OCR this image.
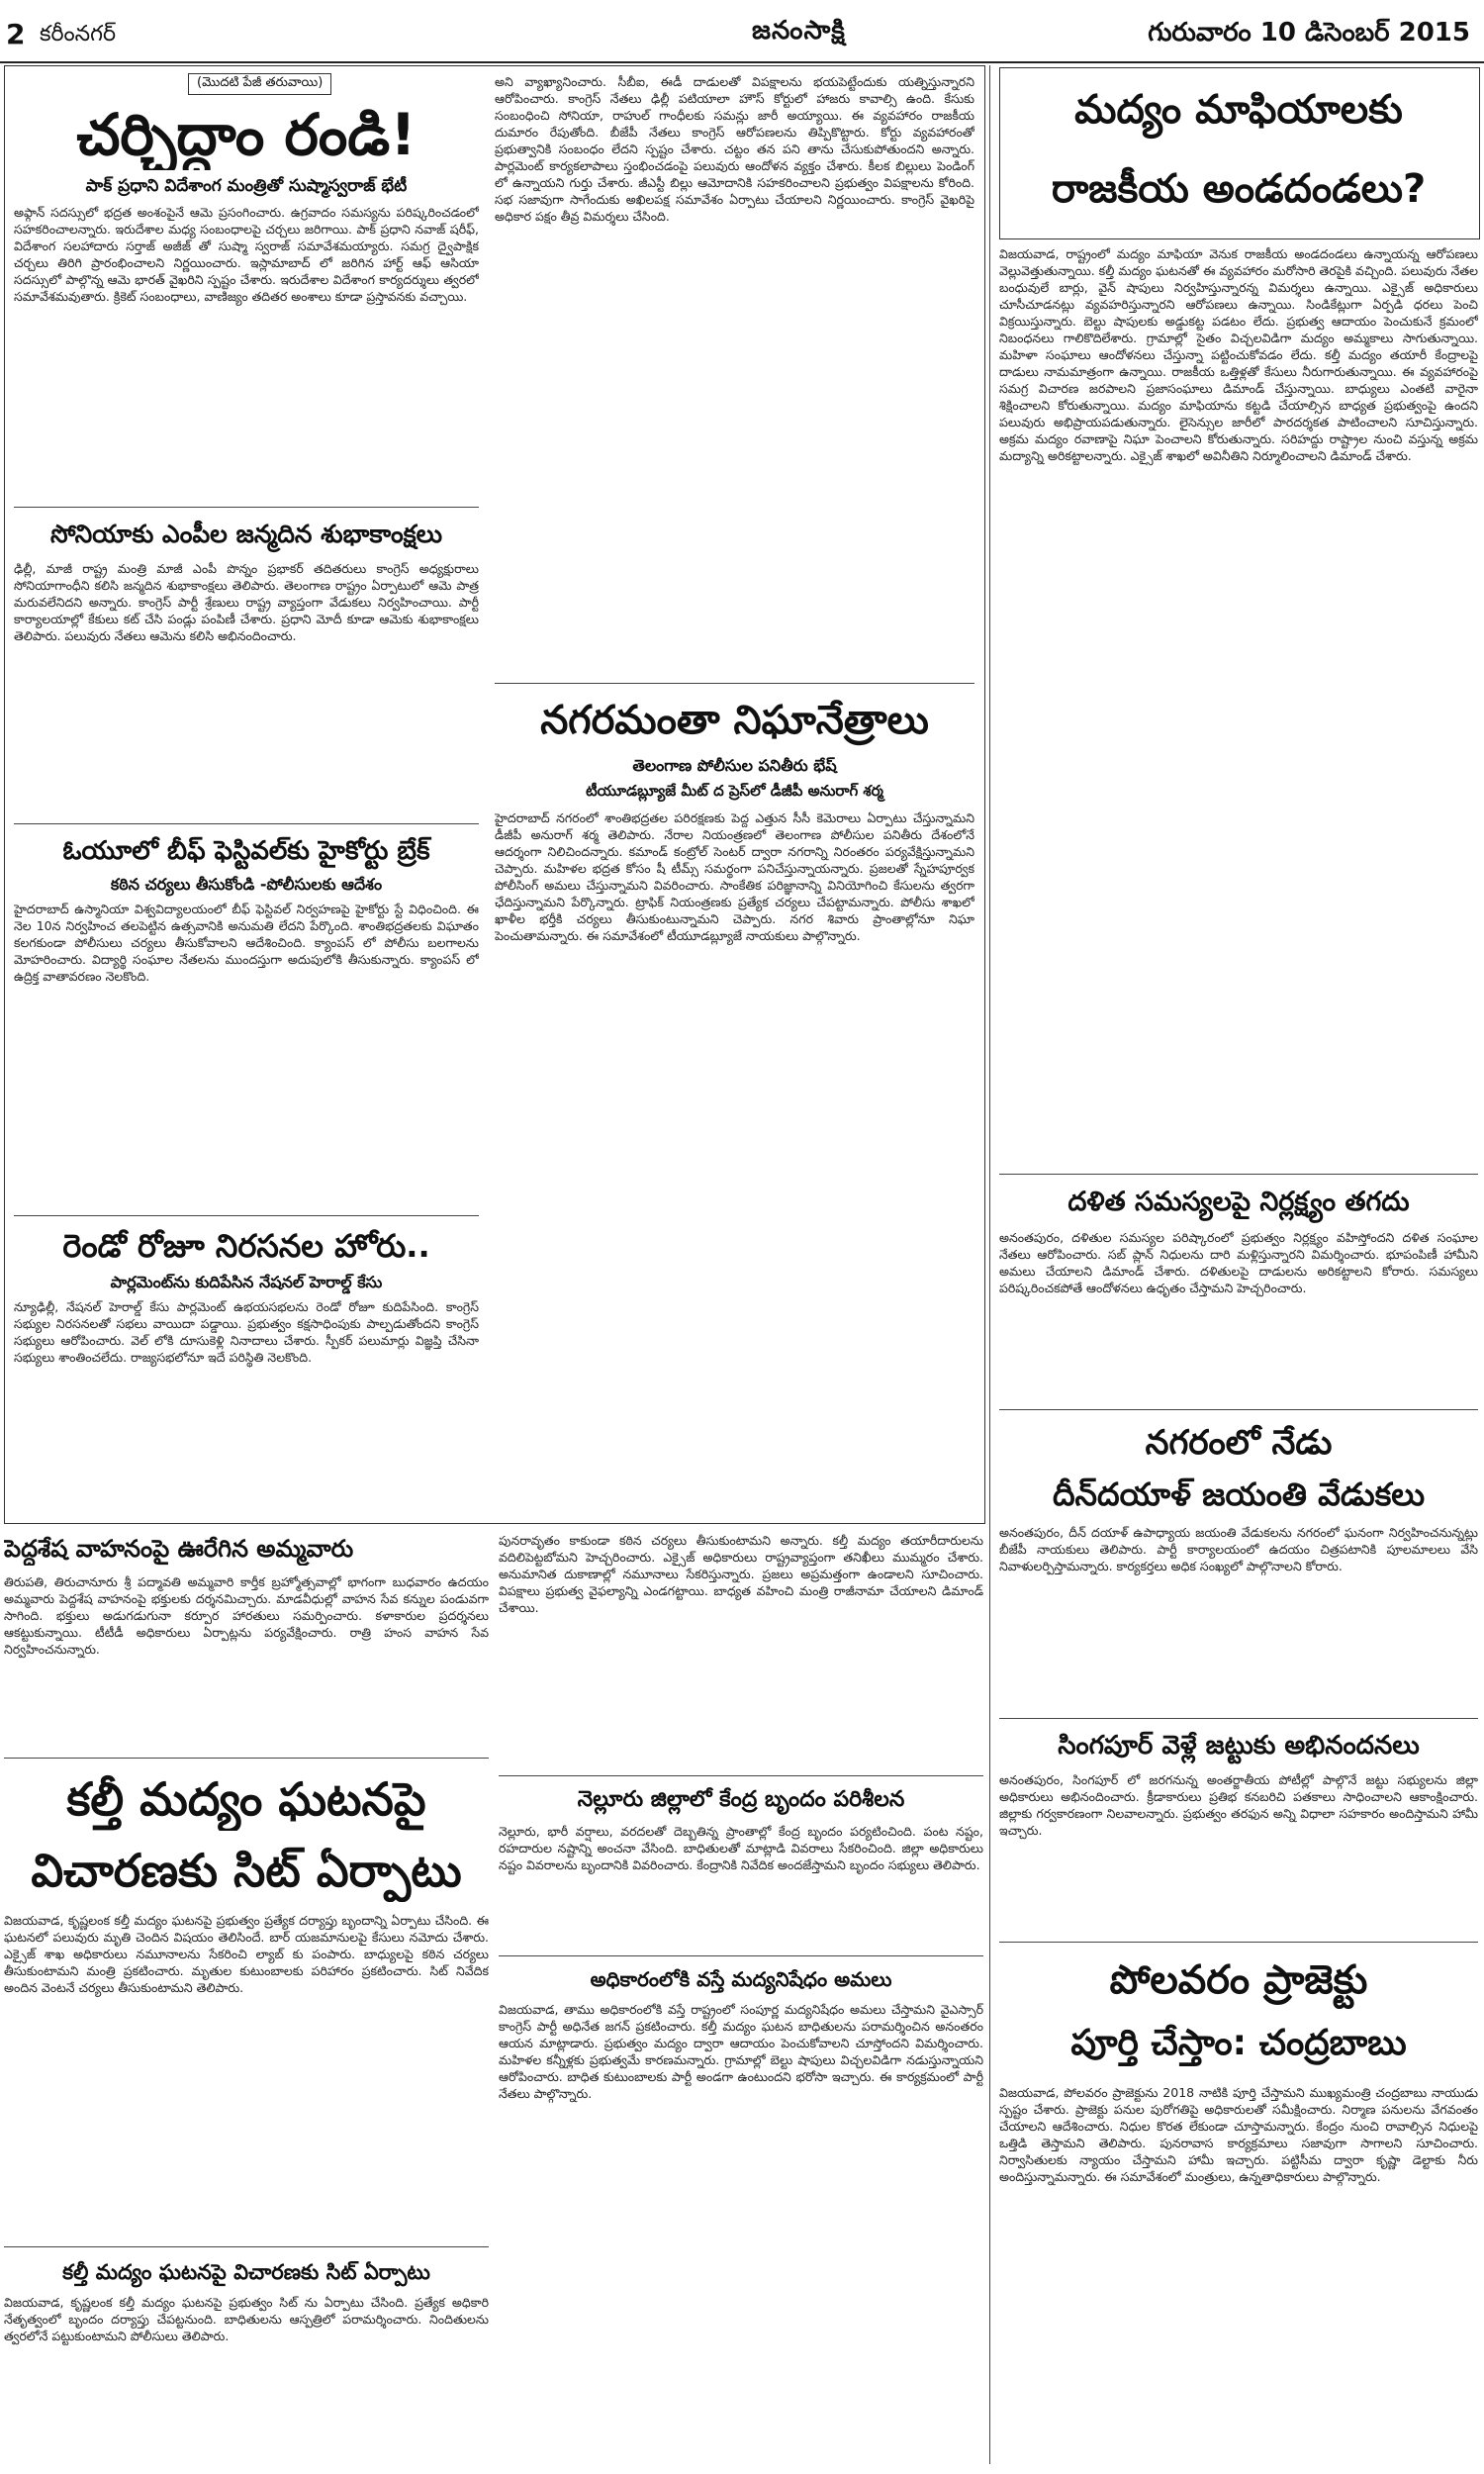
2 కరీంనగర్	జనంసాక్షి	గురువారం 10 డిసెంబర్ 2015
(మొదటి పేజీ తరువాయి)
చర్చిద్దాం రండి!
పాక్ ప్రధాని విదేశాంగ మంత్రితో సుష్మాస్వరాజ్ భేటీ
అఫ్గాన్ సదస్సులో భద్రత అంశంపైనే ఆమె ప్రసంగించారు. ఉగ్రవాదం సమస్యను పరిష్కరించడంలో సహకరించాలన్నారు. ఇరుదేశాల మధ్య సంబంధాలపై చర్చలు జరిగాయి. పాక్ ప్రధాని నవాజ్ షరీఫ్, విదేశాంగ సలహాదారు సర్తాజ్ అజీజ్ తో సుష్మా స్వరాజ్ సమావేశమయ్యారు. సమగ్ర ద్వైపాక్షిక చర్చలు తిరిగి ప్రారంభించాలని నిర్ణయించారు. ఇస్లామాబాద్ లో జరిగిన హార్ట్ ఆఫ్ ఆసియా సదస్సులో పాల్గొన్న ఆమె భారత్ వైఖరిని స్పష్టం చేశారు. ఇరుదేశాల విదేశాంగ కార్యదర్శులు త్వరలో సమావేశమవుతారు. క్రికెట్ సంబంధాలు, వాణిజ్యం తదితర అంశాలు కూడా ప్రస్తావనకు వచ్చాయి.
సోనియాకు ఎంపీల జన్మదిన శుభాకాంక్షలు
ఢిల్లీ, మాజీ రాష్ట్ర మంత్రి మాజీ ఎంపీ పొన్నం ప్రభాకర్ తదితరులు కాంగ్రెస్ అధ్యక్షురాలు సోనియాగాంధీని కలిసి జన్మదిన శుభాకాంక్షలు తెలిపారు. తెలంగాణ రాష్ట్రం ఏర్పాటులో ఆమె పాత్ర మరువలేనిదని అన్నారు. కాంగ్రెస్ పార్టీ శ్రేణులు రాష్ట్ర వ్యాప్తంగా వేడుకలు నిర్వహించాయి. పార్టీ కార్యాలయాల్లో కేకులు కట్ చేసి పండ్లు పంపిణీ చేశారు. ప్రధాని మోదీ కూడా ఆమెకు శుభాకాంక్షలు తెలిపారు. పలువురు నేతలు ఆమెను కలిసి అభినందించారు.
ఓయూలో బీఫ్ ఫెస్టివల్‌కు హైకోర్టు బ్రేక్
కఠిన చర్యలు తీసుకోండి -పోలీసులకు ఆదేశం
హైదరాబాద్ ఉస్మానియా విశ్వవిద్యాలయంలో బీఫ్ ఫెస్టివల్ నిర్వహణపై హైకోర్టు స్టే విధించింది. ఈ నెల 10న నిర్వహించ తలపెట్టిన ఉత్సవానికి అనుమతి లేదని పేర్కొంది. శాంతిభద్రతలకు విఘాతం కలగకుండా పోలీసులు చర్యలు తీసుకోవాలని ఆదేశించింది. క్యాంపస్ లో పోలీసు బలగాలను మోహరించారు. విద్యార్థి సంఘాల నేతలను ముందస్తుగా అదుపులోకి తీసుకున్నారు. క్యాంపస్ లో ఉద్రిక్త వాతావరణం నెలకొంది.
రెండో రోజూ నిరసనల హోరు..
పార్లమెంట్‌ను కుదిపేసిన నేషనల్ హెరాల్డ్ కేసు
న్యూఢిల్లీ, నేషనల్ హెరాల్డ్ కేసు పార్లమెంట్ ఉభయసభలను రెండో రోజూ కుదిపేసింది. కాంగ్రెస్ సభ్యుల నిరసనలతో సభలు వాయిదా పడ్డాయి. ప్రభుత్వం కక్షసాధింపుకు పాల్పడుతోందని కాంగ్రెస్ సభ్యులు ఆరోపించారు. వెల్ లోకి దూసుకెళ్లి నినాదాలు చేశారు. స్పీకర్ పలుమార్లు విజ్ఞప్తి చేసినా సభ్యులు శాంతించలేదు. రాజ్యసభలోనూ ఇదే పరిస్థితి నెలకొంది.
అని వ్యాఖ్యానించారు. సీబీఐ, ఈడీ దాడులతో విపక్షాలను భయపెట్టేందుకు యత్నిస్తున్నారని ఆరోపించారు. కాంగ్రెస్ నేతలు ఢిల్లీ పటియాలా హౌస్ కోర్టులో హాజరు కావాల్సి ఉంది. కేసుకు సంబంధించి సోనియా, రాహుల్ గాంధీలకు సమన్లు జారీ అయ్యాయి. ఈ వ్యవహారం రాజకీయ దుమారం రేపుతోంది. బీజేపీ నేతలు కాంగ్రెస్ ఆరోపణలను తిప్పికొట్టారు. కోర్టు వ్యవహారంతో ప్రభుత్వానికి సంబంధం లేదని స్పష్టం చేశారు. చట్టం తన పని తాను చేసుకుపోతుందని అన్నారు. పార్లమెంట్ కార్యకలాపాలు స్తంభించడంపై పలువురు ఆందోళన వ్యక్తం చేశారు. కీలక బిల్లులు పెండింగ్ లో ఉన్నాయని గుర్తు చేశారు. జీఎస్టీ బిల్లు ఆమోదానికి సహకరించాలని ప్రభుత్వం విపక్షాలను కోరింది. సభ సజావుగా సాగేందుకు అఖిలపక్ష సమావేశం ఏర్పాటు చేయాలని నిర్ణయించారు. కాంగ్రెస్ వైఖరిపై అధికార పక్షం తీవ్ర విమర్శలు చేసింది.
నగరమంతా నిఘానేత్రాలు
తెలంగాణ పోలీసుల పనితీరు భేష్
టీయూడబ్ల్యూజే మీట్ ద ప్రెస్‌లో డీజీపీ అనురాగ్ శర్మ
హైదరాబాద్ నగరంలో శాంతిభద్రతల పరిరక్షణకు పెద్ద ఎత్తున సీసీ కెమెరాలు ఏర్పాటు చేస్తున్నామని డీజీపీ అనురాగ్ శర్మ తెలిపారు. నేరాల నియంత్రణలో తెలంగాణ పోలీసుల పనితీరు దేశంలోనే ఆదర్శంగా నిలిచిందన్నారు. కమాండ్ కంట్రోల్ సెంటర్ ద్వారా నగరాన్ని నిరంతరం పర్యవేక్షిస్తున్నామని చెప్పారు. మహిళల భద్రత కోసం షీ టీమ్స్ సమర్థంగా పనిచేస్తున్నాయన్నారు. ప్రజలతో స్నేహపూర్వక పోలీసింగ్ అమలు చేస్తున్నామని వివరించారు. సాంకేతిక పరిజ్ఞానాన్ని వినియోగించి కేసులను త్వరగా ఛేదిస్తున్నామని పేర్కొన్నారు. ట్రాఫిక్ నియంత్రణకు ప్రత్యేక చర్యలు చేపట్టామన్నారు. పోలీసు శాఖలో ఖాళీల భర్తీకి చర్యలు తీసుకుంటున్నామని చెప్పారు. నగర శివారు ప్రాంతాల్లోనూ నిఘా పెంచుతామన్నారు. ఈ సమావేశంలో టీయూడబ్ల్యూజే నాయకులు పాల్గొన్నారు.
పెద్దశేష వాహనంపై ఊరేగిన అమ్మవారు
తిరుపతి, తిరుచానూరు శ్రీ పద్మావతి అమ్మవారి కార్తీక బ్రహ్మోత్సవాల్లో భాగంగా బుధవారం ఉదయం అమ్మవారు పెద్దశేష వాహనంపై భక్తులకు దర్శనమిచ్చారు. మాడవీధుల్లో వాహన సేవ కన్నుల పండువగా సాగింది. భక్తులు అడుగడుగునా కర్పూర హారతులు సమర్పించారు. కళాకారుల ప్రదర్శనలు ఆకట్టుకున్నాయి. టీటీడీ అధికారులు ఏర్పాట్లను పర్యవేక్షించారు. రాత్రి హంస వాహన సేవ నిర్వహించనున్నారు.
కల్తీ మద్యం ఘటనపై
విచారణకు సిట్ ఏర్పాటు
విజయవాడ, కృష్ణలంక కల్తీ మద్యం ఘటనపై ప్రభుత్వం ప్రత్యేక దర్యాప్తు బృందాన్ని ఏర్పాటు చేసింది. ఈ ఘటనలో పలువురు మృతి చెందిన విషయం తెలిసిందే. బార్ యజమానులపై కేసులు నమోదు చేశారు. ఎక్సైజ్ శాఖ అధికారులు నమూనాలను సేకరించి ల్యాబ్ కు పంపారు. బాధ్యులపై కఠిన చర్యలు తీసుకుంటామని మంత్రి ప్రకటించారు. మృతుల కుటుంబాలకు పరిహారం ప్రకటించారు. సిట్ నివేదిక అందిన వెంటనే చర్యలు తీసుకుంటామని తెలిపారు.
కల్తీ మద్యం ఘటనపై విచారణకు సిట్ ఏర్పాటు
విజయవాడ, కృష్ణలంక కల్తీ మద్యం ఘటనపై ప్రభుత్వం సిట్ ను ఏర్పాటు చేసింది. ప్రత్యేక అధికారి నేతృత్వంలో బృందం దర్యాప్తు చేపట్టనుంది. బాధితులను ఆస్పత్రిలో పరామర్శించారు. నిందితులను త్వరలోనే పట్టుకుంటామని పోలీసులు తెలిపారు.
పునరావృతం కాకుండా కఠిన చర్యలు తీసుకుంటామని అన్నారు. కల్తీ మద్యం తయారీదారులను వదిలిపెట్టబోమని హెచ్చరించారు. ఎక్సైజ్ అధికారులు రాష్ట్రవ్యాప్తంగా తనిఖీలు ముమ్మరం చేశారు. అనుమానిత దుకాణాల్లో నమూనాలు సేకరిస్తున్నారు. ప్రజలు అప్రమత్తంగా ఉండాలని సూచించారు. విపక్షాలు ప్రభుత్వ వైఫల్యాన్ని ఎండగట్టాయి. బాధ్యత వహించి మంత్రి రాజీనామా చేయాలని డిమాండ్ చేశాయి.
నెల్లూరు జిల్లాలో కేంద్ర బృందం పరిశీలన
నెల్లూరు, భారీ వర్షాలు, వరదలతో దెబ్బతిన్న ప్రాంతాల్లో కేంద్ర బృందం పర్యటించింది. పంట నష్టం, రహదారుల నష్టాన్ని అంచనా వేసింది. బాధితులతో మాట్లాడి వివరాలు సేకరించింది. జిల్లా అధికారులు నష్టం వివరాలను బృందానికి వివరించారు. కేంద్రానికి నివేదిక అందజేస్తామని బృందం సభ్యులు తెలిపారు.
అధికారంలోకి వస్తే మద్యనిషేధం అమలు
విజయవాడ, తాము అధికారంలోకి వస్తే రాష్ట్రంలో సంపూర్ణ మద్యనిషేధం అమలు చేస్తామని వైఎస్సార్ కాంగ్రెస్ పార్టీ అధినేత జగన్ ప్రకటించారు. కల్తీ మద్యం ఘటన బాధితులను పరామర్శించిన అనంతరం ఆయన మాట్లాడారు. ప్రభుత్వం మద్యం ద్వారా ఆదాయం పెంచుకోవాలని చూస్తోందని విమర్శించారు. మహిళల కన్నీళ్లకు ప్రభుత్వమే కారణమన్నారు. గ్రామాల్లో బెల్టు షాపులు విచ్చలవిడిగా నడుస్తున్నాయని ఆరోపించారు. బాధిత కుటుంబాలకు పార్టీ అండగా ఉంటుందని భరోసా ఇచ్చారు. ఈ కార్యక్రమంలో పార్టీ నేతలు పాల్గొన్నారు.
మద్యం మాఫియాలకు
రాజకీయ అండదండలు?
విజయవాడ, రాష్ట్రంలో మద్యం మాఫియా వెనుక రాజకీయ అండదండలు ఉన్నాయన్న ఆరోపణలు వెల్లువెత్తుతున్నాయి. కల్తీ మద్యం ఘటనతో ఈ వ్యవహారం మరోసారి తెరపైకి వచ్చింది. పలువురు నేతల బంధువులే బార్లు, వైన్ షాపులు నిర్వహిస్తున్నారన్న విమర్శలు ఉన్నాయి. ఎక్సైజ్ అధికారులు చూసీచూడనట్లు వ్యవహరిస్తున్నారని ఆరోపణలు ఉన్నాయి. సిండికేట్లుగా ఏర్పడి ధరలు పెంచి విక్రయిస్తున్నారు. బెల్టు షాపులకు అడ్డుకట్ట పడటం లేదు. ప్రభుత్వ ఆదాయం పెంచుకునే క్రమంలో నిబంధనలు గాలికొదిలేశారు. గ్రామాల్లో సైతం విచ్చలవిడిగా మద్యం అమ్మకాలు సాగుతున్నాయి. మహిళా సంఘాలు ఆందోళనలు చేస్తున్నా పట్టించుకోవడం లేదు. కల్తీ మద్యం తయారీ కేంద్రాలపై దాడులు నామమాత్రంగా ఉన్నాయి. రాజకీయ ఒత్తిళ్లతో కేసులు నీరుగారుతున్నాయి. ఈ వ్యవహారంపై సమగ్ర విచారణ జరపాలని ప్రజాసంఘాలు డిమాండ్ చేస్తున్నాయి. బాధ్యులు ఎంతటి వారైనా శిక్షించాలని కోరుతున్నాయి. మద్యం మాఫియాను కట్టడి చేయాల్సిన బాధ్యత ప్రభుత్వంపై ఉందని పలువురు అభిప్రాయపడుతున్నారు. లైసెన్సుల జారీలో పారదర్శకత పాటించాలని సూచిస్తున్నారు. అక్రమ మద్యం రవాణాపై నిఘా పెంచాలని కోరుతున్నారు. సరిహద్దు రాష్ట్రాల నుంచి వస్తున్న అక్రమ మద్యాన్ని అరికట్టాలన్నారు. ఎక్సైజ్ శాఖలో అవినీతిని నిర్మూలించాలని డిమాండ్ చేశారు.
దళిత సమస్యలపై నిర్లక్ష్యం తగదు
అనంతపురం, దళితుల సమస్యల పరిష్కారంలో ప్రభుత్వం నిర్లక్ష్యం వహిస్తోందని దళిత సంఘాల నేతలు ఆరోపించారు. సబ్ ప్లాన్ నిధులను దారి మళ్లిస్తున్నారని విమర్శించారు. భూపంపిణీ హామీని అమలు చేయాలని డిమాండ్ చేశారు. దళితులపై దాడులను అరికట్టాలని కోరారు. సమస్యలు పరిష్కరించకపోతే ఆందోళనలు ఉధృతం చేస్తామని హెచ్చరించారు.
నగరంలో నేడు
దీన్‌దయాళ్ జయంతి వేడుకలు
అనంతపురం, దీన్ దయాళ్ ఉపాధ్యాయ జయంతి వేడుకలను నగరంలో ఘనంగా నిర్వహించనున్నట్లు బీజేపీ నాయకులు తెలిపారు. పార్టీ కార్యాలయంలో ఉదయం చిత్రపటానికి పూలమాలలు వేసి నివాళులర్పిస్తామన్నారు. కార్యకర్తలు అధిక సంఖ్యలో పాల్గొనాలని కోరారు.
సింగపూర్ వెళ్లే జట్టుకు అభినందనలు
అనంతపురం, సింగపూర్ లో జరగనున్న అంతర్జాతీయ పోటీల్లో పాల్గొనే జట్టు సభ్యులను జిల్లా అధికారులు అభినందించారు. క్రీడాకారులు ప్రతిభ కనబరిచి పతకాలు సాధించాలని ఆకాంక్షించారు. జిల్లాకు గర్వకారణంగా నిలవాలన్నారు. ప్రభుత్వం తరఫున అన్ని విధాలా సహకారం అందిస్తామని హామీ ఇచ్చారు.
పోలవరం ప్రాజెక్టు
పూర్తి చేస్తాం: చంద్రబాబు
విజయవాడ, పోలవరం ప్రాజెక్టును 2018 నాటికి పూర్తి చేస్తామని ముఖ్యమంత్రి చంద్రబాబు నాయుడు స్పష్టం చేశారు. ప్రాజెక్టు పనుల పురోగతిపై అధికారులతో సమీక్షించారు. నిర్మాణ పనులను వేగవంతం చేయాలని ఆదేశించారు. నిధుల కొరత లేకుండా చూస్తామన్నారు. కేంద్రం నుంచి రావాల్సిన నిధులపై ఒత్తిడి తెస్తామని తెలిపారు. పునరావాస కార్యక్రమాలు సజావుగా సాగాలని సూచించారు. నిర్వాసితులకు న్యాయం చేస్తామని హామీ ఇచ్చారు. పట్టిసీమ ద్వారా కృష్ణా డెల్టాకు నీరు అందిస్తున్నామన్నారు. ఈ సమావేశంలో మంత్రులు, ఉన్నతాధికారులు పాల్గొన్నారు.
